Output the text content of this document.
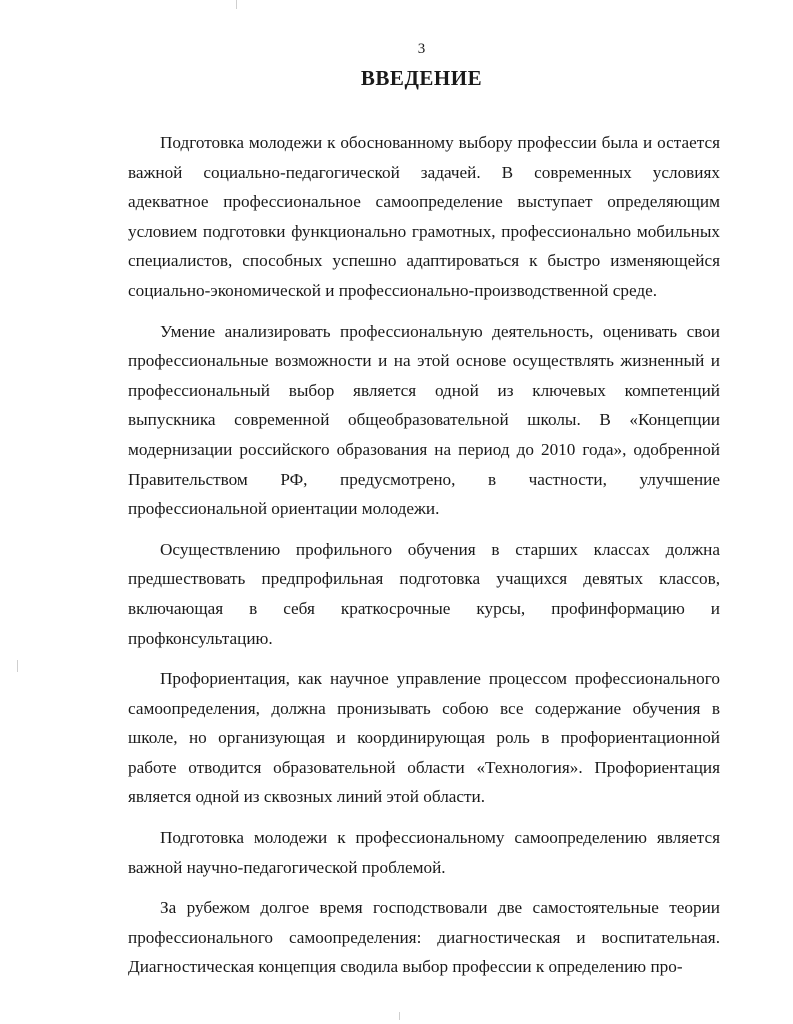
3
ВВЕДЕНИЕ

Подготовка молодежи к обоснованному выбору профессии была и остается важной социально-педагогической задачей. В современных условиях адекватное профессиональное самоопределение выступает определяющим условием подготовки функционально грамотных, профессионально мобильных специалистов, способных успешно адаптироваться к быстро изменяющейся социально-экономической и профессионально-производственной среде.

Умение анализировать профессиональную деятельность, оценивать свои профессиональные возможности и на этой основе осуществлять жизненный и профессиональный выбор является одной из ключевых компетенций выпускника современной общеобразовательной школы. В «Концепции модернизации российского образования на период до 2010 года», одобренной Правительством РФ, предусмотрено, в частности, улучшение профессиональной ориентации молодежи.

Осуществлению профильного обучения в старших классах должна предшествовать предпрофильная подготовка учащихся девятых классов, включающая в себя краткосрочные курсы, профинформацию и профконсультацию.

Профориентация, как научное управление процессом профессионального самоопределения, должна пронизывать собою все содержание обучения в школе, но организующая и координирующая роль в профориентационной работе отводится образовательной области «Технология». Профориентация является одной из сквозных линий этой области.

Подготовка молодежи к профессиональному самоопределению является важной научно-педагогической проблемой.

За рубежом долгое время господствовали две самостоятельные теории профессионального самоопределения: диагностическая и воспитательная. Диагностическая концепция сводила выбор профессии к определению про-
